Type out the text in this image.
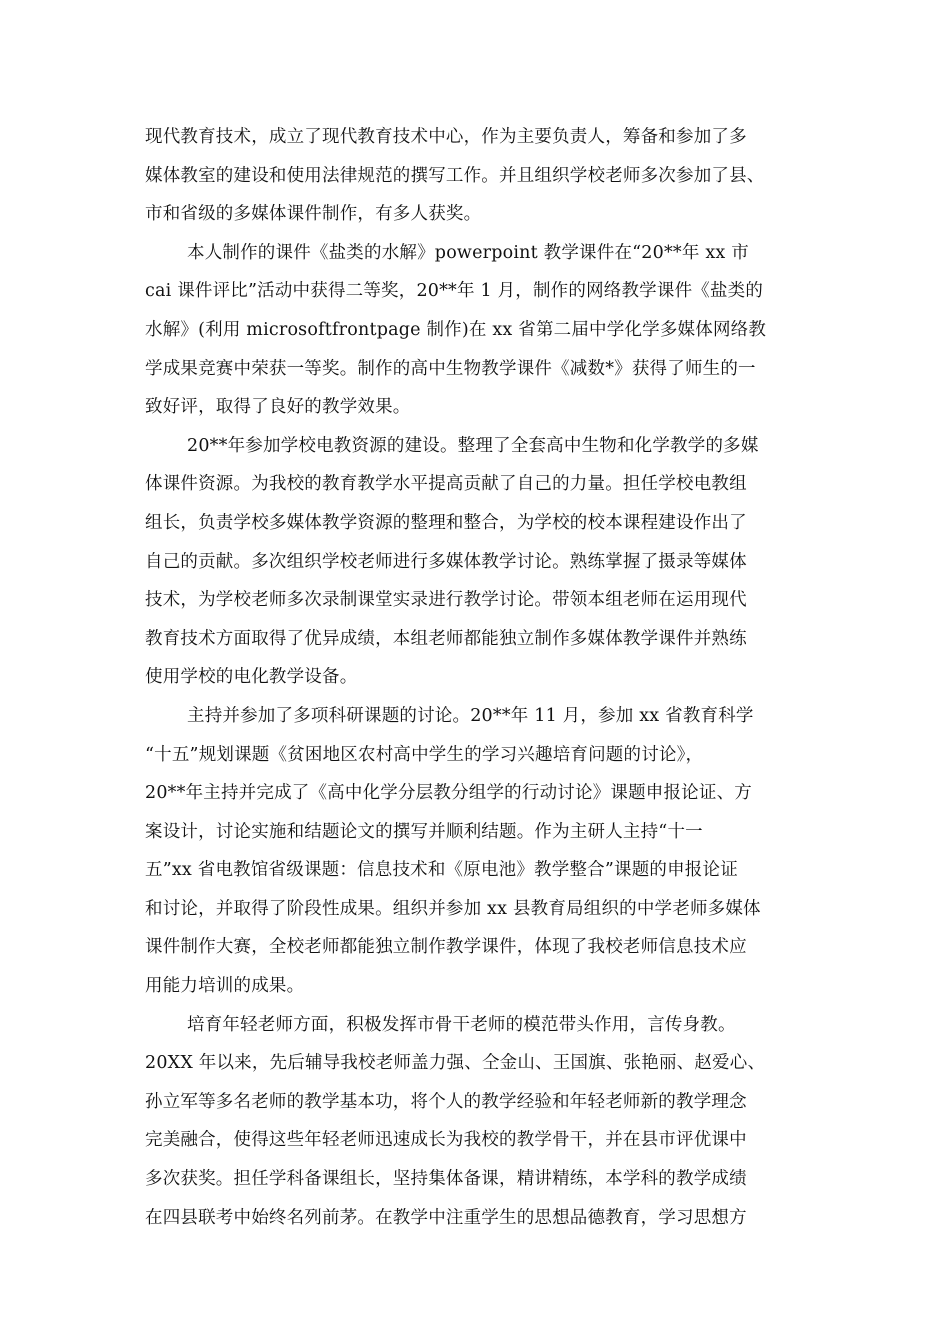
现代教育技术，成立了现代教育技术中心，作为主要负责人，筹备和参加了多
媒体教室的建设和使用法律规范的撰写工作。并且组织学校老师多次参加了县、
市和省级的多媒体课件制作，有多人获奖。
本人制作的课件《盐类的水解》powerpoint 教学课件在“20**年 xx 市
cai 课件评比”活动中获得二等奖，20**年 1 月，制作的网络教学课件《盐类的
水解》(利用 microsoftfrontpage 制作)在 xx 省第二届中学化学多媒体网络教
学成果竞赛中荣获一等奖。制作的高中生物教学课件《减数*》获得了师生的一
致好评，取得了良好的教学效果。
20**年参加学校电教资源的建设。整理了全套高中生物和化学教学的多媒
体课件资源。为我校的教育教学水平提高贡献了自己的力量。担任学校电教组
组长，负责学校多媒体教学资源的整理和整合，为学校的校本课程建设作出了
自己的贡献。多次组织学校老师进行多媒体教学讨论。熟练掌握了摄录等媒体
技术，为学校老师多次录制课堂实录进行教学讨论。带领本组老师在运用现代
教育技术方面取得了优异成绩，本组老师都能独立制作多媒体教学课件并熟练
使用学校的电化教学设备。
主持并参加了多项科研课题的讨论。20**年 11 月，参加 xx 省教育科学
“十五”规划课题《贫困地区农村高中学生的学习兴趣培育问题的讨论》，
20**年主持并完成了《高中化学分层教分组学的行动讨论》课题申报论证、方
案设计，讨论实施和结题论文的撰写并顺利结题。作为主研人主持“十一
五”xx 省电教馆省级课题：信息技术和《原电池》教学整合”课题的申报论证
和讨论，并取得了阶段性成果。组织并参加 xx 县教育局组织的中学老师多媒体
课件制作大赛，全校老师都能独立制作教学课件，体现了我校老师信息技术应
用能力培训的成果。
培育年轻老师方面，积极发挥市骨干老师的模范带头作用，言传身教。
20XX 年以来，先后辅导我校老师盖力强、仝金山、王国旗、张艳丽、赵爱心、
孙立军等多名老师的教学基本功，将个人的教学经验和年轻老师新的教学理念
完美融合，使得这些年轻老师迅速成长为我校的教学骨干，并在县市评优课中
多次获奖。担任学科备课组长，坚持集体备课，精讲精练，本学科的教学成绩
在四县联考中始终名列前茅。在教学中注重学生的思想品德教育，学习思想方
